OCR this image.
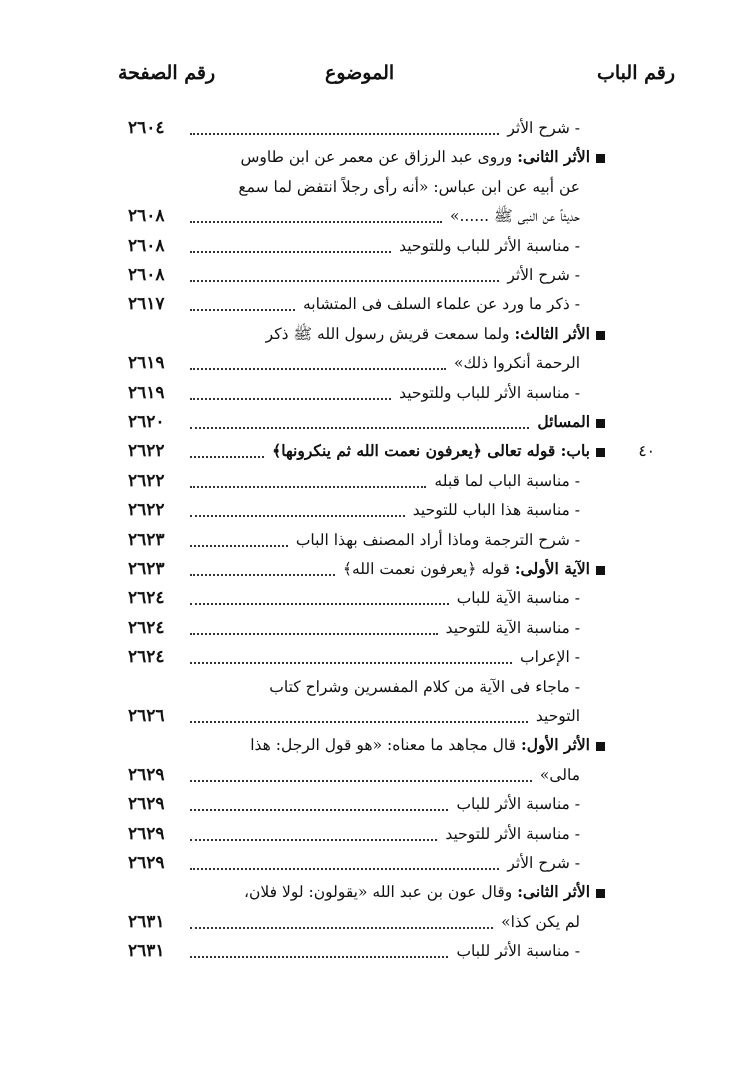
رقم الباب
الموضوع
رقم الصفحة
- شرح الأثر
٢٦٠٤
الأثر الثانى: وروى عبد الرزاق عن معمر عن ابن طاوس
عن أبيه عن ابن عباس: «أنه رأى رجلاً انتفض لما سمع
حديثاً عن النبى ﷺ ......»
٢٦٠٨
- مناسبة الأثر للباب وللتوحيد
٢٦٠٨
- شرح الأثر
٢٦٠٨
- ذكر ما ورد عن علماء السلف فى المتشابه
٢٦١٧
الأثر الثالث: ولما سمعت قريش رسول الله ﷺ ذكر
الرحمة أنكروا ذلك»
٢٦١٩
- مناسبة الأثر للباب وللتوحيد
٢٦١٩
المسائل
٢٦٢٠
باب: قوله تعالى ﴿يعرفون نعمت الله ثم ينكرونها﴾
٢٦٢٢	٤٠
- مناسبة الباب لما قبله
٢٦٢٢
- مناسبة هذا الباب للتوحيد
٢٦٢٢
- شرح الترجمة وماذا أراد المصنف بهذا الباب
٢٦٢٣
الآية الأولى: قوله ﴿يعرفون نعمت الله﴾
٢٦٢٣
- مناسبة الآية للباب
٢٦٢٤
- مناسبة الآية للتوحيد
٢٦٢٤
- الإعراب
٢٦٢٤
- ماجاء فى الآية من كلام المفسرين وشراح كتاب
التوحيد
٢٦٢٦
الأثر الأول: قال مجاهد ما معناه: «هو قول الرجل: هذا
مالى»
٢٦٢٩
- مناسبة الأثر للباب
٢٦٢٩
- مناسبة الأثر للتوحيد
٢٦٢٩
- شرح الأثر
٢٦٢٩
الأثر الثانى: وقال عون بن عبد الله «يقولون: لولا فلان،
لم يكن كذا»
٢٦٣١
- مناسبة الأثر للباب
٢٦٣١
